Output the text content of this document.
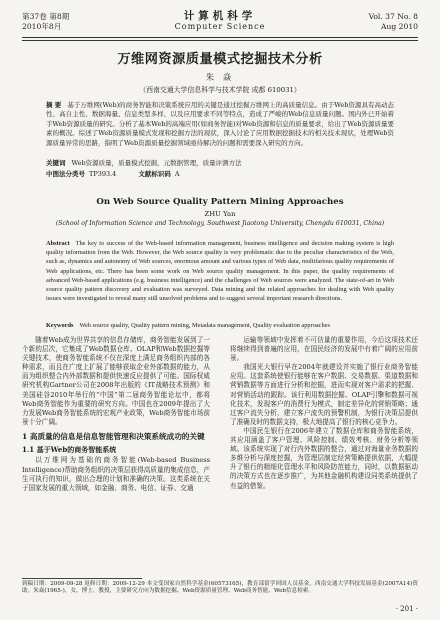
第37卷 第8期
2010年8月
计算机科学
Computer Science
Vol. 37 No. 8
Aug 2010
万维网资源质量模式挖掘技术分析
朱 焱
（西南交通大学信息科学与技术学院 成都 610031）
摘 要 基于万维网(Web)的商务智能和决策系统应用的关键是通过挖掘万维网上的高质量信息。由于Web资源具有高动态性、高自主性、数据海量、信息类型多样，以及应用要求不同等特点，造成了严峻的Web信息质量问题。国内外已开始着手Web资源质量的研究。分析了基本Web的高端应用(如商务智能)对Web资源和信息的质量要求，给出了Web资源质量要素的概况。综述了Web资源质量模式发现和挖掘方法的现状，深入讨论了应用数据挖掘技术的相关技术现状，处理Web资源质量异常的思路，指明了Web资源质量挖掘领域亟待解决的问题和需要深入研究的方向。
关键词 Web资源质量，质量模式挖掘，元数据管理，质量评测方法
中图法分类号 TP393.4	文献标识码 A
On Web Source Quality Pattern Mining Approaches
ZHU Yan
(School of Information Science and Technology, Southwest Jiaotong University, Chengdu 610031, China)
Abstract The key to success of the Web-based information management, business intelligence and decision making system is high quality information from the Web. However, the Web source quality is very problematic due to the peculiar characteristics of the Web, such as, dynamics and autonomy of Web sources, enormous amount and various types of Web data, multifarious quality requirements of Web applications, etc. There has been some work on Web source quality management. In this paper, the quality requirements of advanced Web-based applications (e.g. business intelligence) and the challenges of Web sources were analyzed. The state-of-art in Web source quality pattern discovery and evaluation was surveyed. Data mining and the related approaches for dealing with Web quality issues were investigated to reveal many still unsolved problems and to suggest several important research directions.
Keywords Web source quality, Quality pattern mining, Metadata management, Quality evaluation approaches

随着Web成为世界共享的信息存储库，商务智能发展到了一个新的层次，它集成了Web数据仓库、OLAP和Web数据挖掘等关键技术，使商务智能系统不仅在深度上满足商务组织内部的各种需求，而且在广度上扩展了能够获取企业外部数据的能力，从而为组织整合内外部数据和提供快速反应提供了可能。国际权威研究机构Gartner公司在2008年出版的《IT战略技术预测》和美国硅谷2010年举行的“中国”第二届商务智能论坛中，都将Web商务智能作为重要的研究方向。中国也在2009年提出了大力发展Web商务智能系统的宏观产业政策，Web商务智能市场前景十分广阔。

1 高质量的信息是信息智能管理和决策系统成功的关键
1.1 基于Web的商务智能系统

以万维网为基础的商务智能(Web-based Business Intelligence)帮助商务组织的决策层获得高质量的集成信息，产生可执行的知识，做出合理的计划和准确的决策。这类系统在关于国家发展的重大领域，如金融、商务、电信、证券、交通

运输等领域中发挥着不可估量的重要作用，今后这项技术还将继续得到普遍的应用，在国民经济的发展中有着广阔的应用前景。

我国光大银行早在2004年就建设并实施了银行业商务智能应用。这套系统使银行能够在客户数据、交易数据、渠道数据和营销数据等方面进行分析和挖掘，进而实现对客户需求的把握、对营销活动的跟踪。该行利用数据挖掘、OLAP引擎和数据可视化技术，发现客户的消费行为模式，制定差异化的营销策略；通过客户流失分析，建立客户流失的预警机制，为银行决策层提供了准确及时的数据支持，极大地提高了银行的核心竞争力。

中国民生银行在2006年建立了数据仓库和商务智能系统，其应用涵盖了客户管理、风险控制、绩效考核、财务分析等领域。该系统实现了对行内外数据的整合，通过对海量业务数据的多维分析与深度挖掘，为管理层制定经营策略提供依据，大幅提升了银行的精细化管理水平和风险防范能力，同时，以数据驱动的决策方式也在逐步推广，为其他金融机构建设同类系统提供了有益的借鉴。

到稿日期：2009-09-28 返修日期：2009-12-29 本文受国家自然科学基金(60573165)，教育部留学回国人员基金，西南交通大学科技发展基金(2007A14)资助。朱焱(1965-)，女，博士，教授，主要研究方向为数据挖掘、Web资源质量管理、Web商务智能、Web信息检索。
· 201 ·
